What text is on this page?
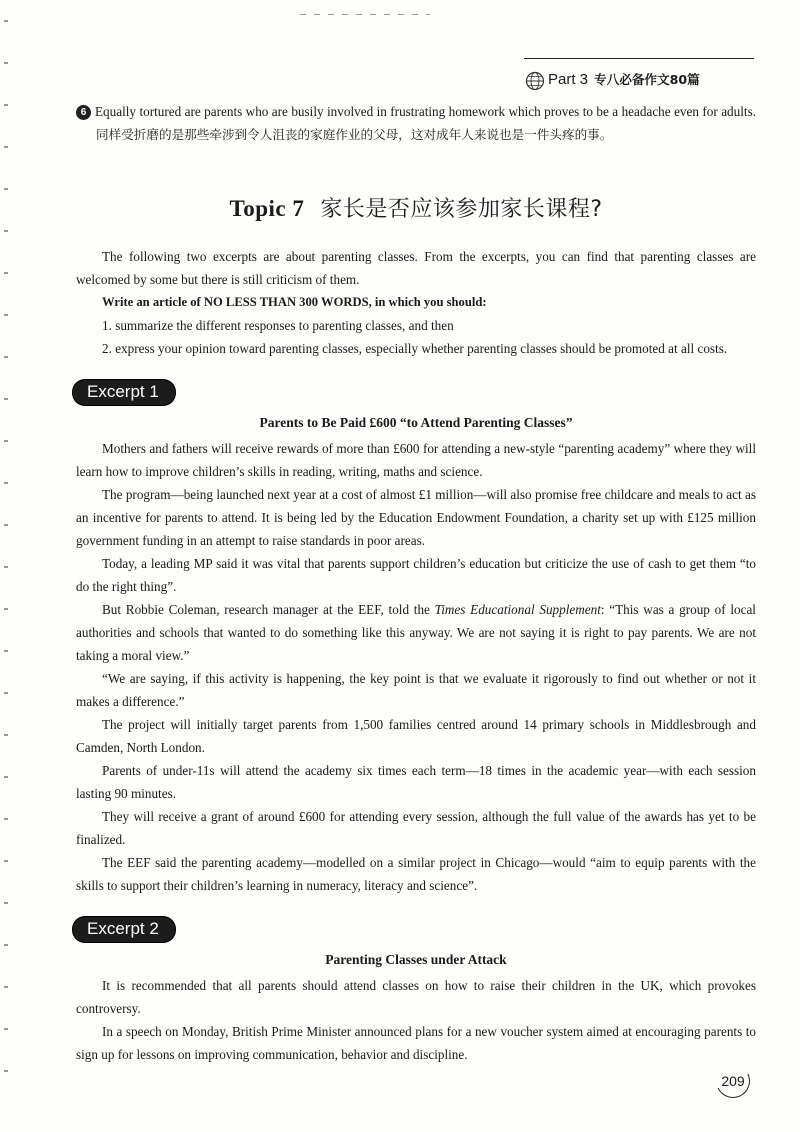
Part 3 专八必备作文80篇

6 Equally tortured are parents who are busily involved in frustrating homework which proves to be a headache even for adults. 同样受折磨的是那些牵涉到令人沮丧的家庭作业的父母，这对成年人来说也是一件头疼的事。

Topic 7 家长是否应该参加家长课程?

The following two excerpts are about parenting classes. From the excerpts, you can find that parenting classes are welcomed by some but there is still criticism of them.

Write an article of NO LESS THAN 300 WORDS, in which you should:

1. summarize the different responses to parenting classes, and then

2. express your opinion toward parenting classes, especially whether parenting classes should be promoted at all costs.

Excerpt 1
Parents to Be Paid £600 “to Attend Parenting Classes”

Mothers and fathers will receive rewards of more than £600 for attending a new-style “parenting academy” where they will learn how to improve children’s skills in reading, writing, maths and science.

The program—being launched next year at a cost of almost £1 million—will also promise free childcare and meals to act as an incentive for parents to attend. It is being led by the Education Endowment Foundation, a charity set up with £125 million government funding in an attempt to raise standards in poor areas.

Today, a leading MP said it was vital that parents support children’s education but criticize the use of cash to get them “to do the right thing”.

But Robbie Coleman, research manager at the EEF, told the Times Educational Supplement: “This was a group of local authorities and schools that wanted to do something like this anyway. We are not saying it is right to pay parents. We are not taking a moral view.”

“We are saying, if this activity is happening, the key point is that we evaluate it rigorously to find out whether or not it makes a difference.”

The project will initially target parents from 1,500 families centred around 14 primary schools in Middlesbrough and Camden, North London.

Parents of under-11s will attend the academy six times each term—18 times in the academic year—with each session lasting 90 minutes.

They will receive a grant of around £600 for attending every session, although the full value of the awards has yet to be finalized.

The EEF said the parenting academy—modelled on a similar project in Chicago—would “aim to equip parents with the skills to support their children’s learning in numeracy, literacy and science”.

Excerpt 2
Parenting Classes under Attack

It is recommended that all parents should attend classes on how to raise their children in the UK, which provokes controversy.

In a speech on Monday, British Prime Minister announced plans for a new voucher system aimed at encouraging parents to sign up for lessons on improving communication, behavior and discipline.

209
